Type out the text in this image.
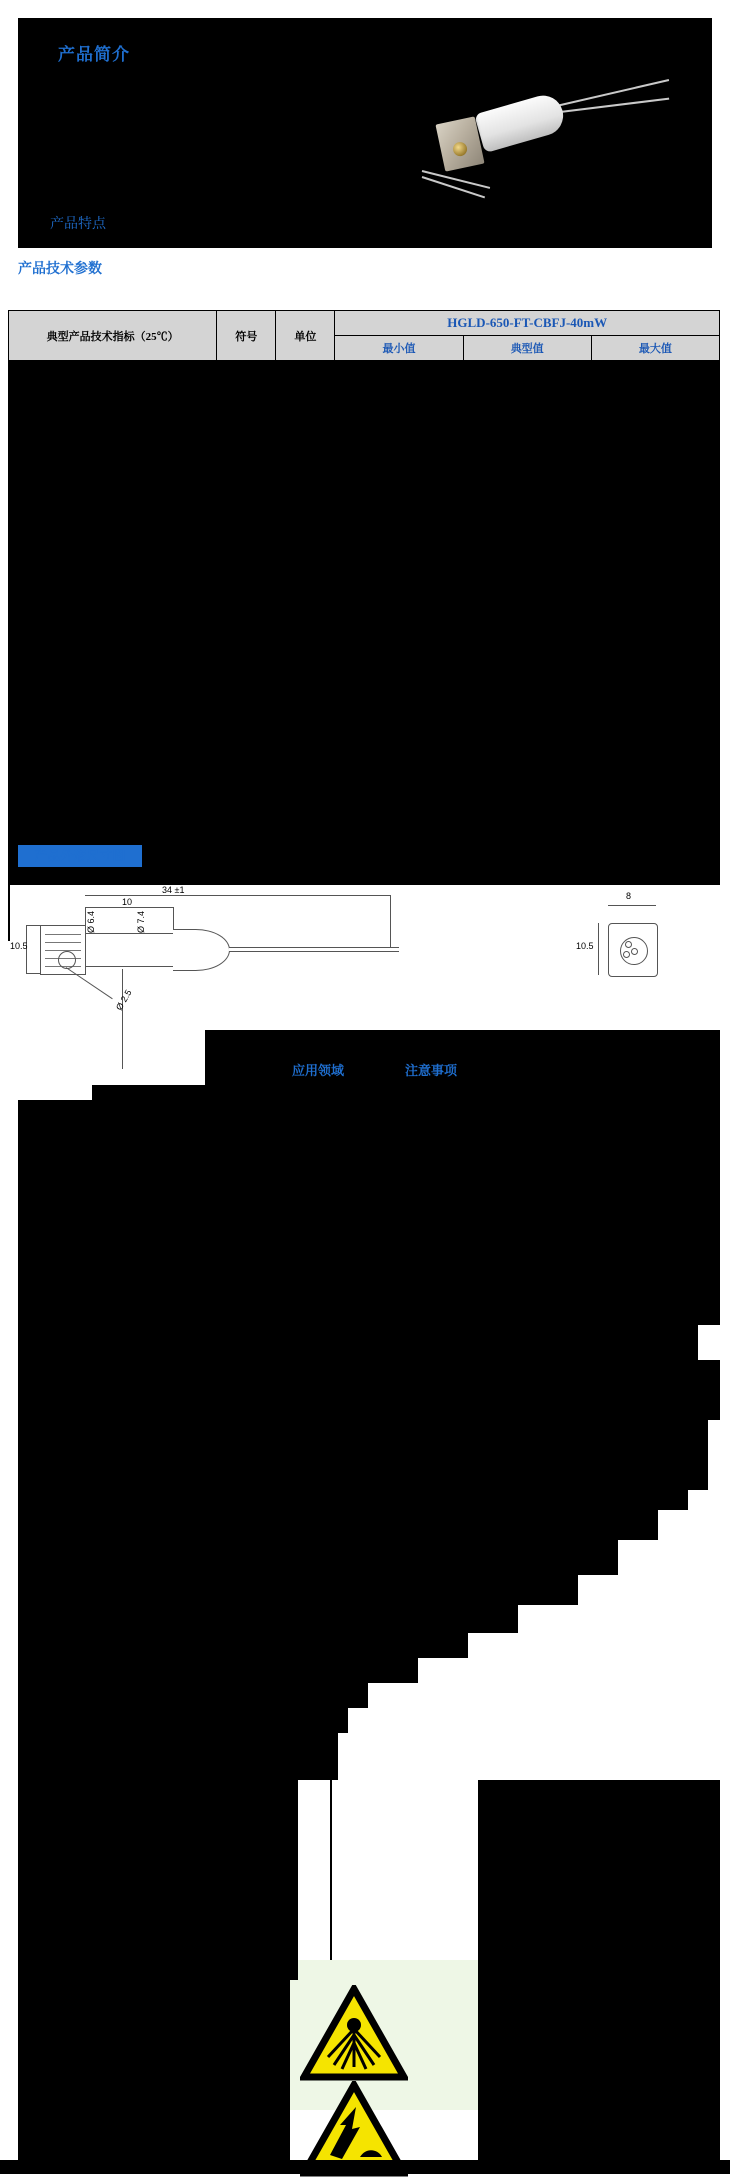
产品简介
产品特点
产品技术参数
典型产品技术指标（25℃）	符号	单位	HGLD-650-FT-CBFJ-40mW		
			最小值	典型值	最大值

产品外形尺寸图
34 ±1
10
10.5
Ø 6.4	Ø 7.4
Ø 2.5
8
10.5
应用领域	注意事项
